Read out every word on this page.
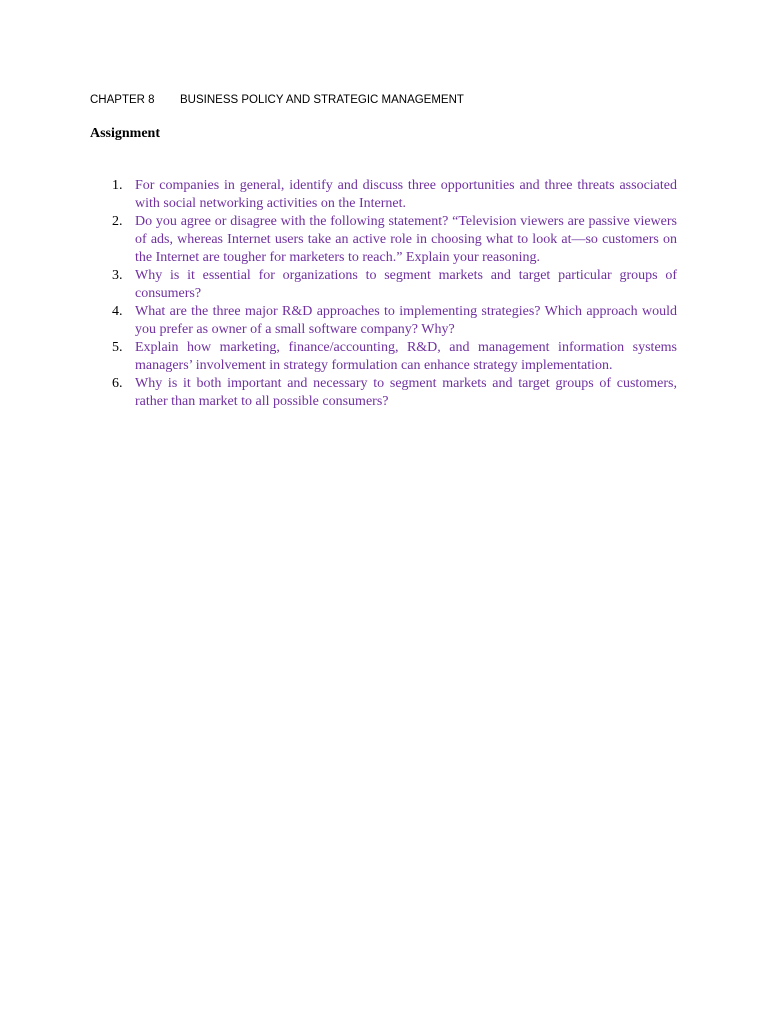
CHAPTER 8 BUSINESS POLICY AND STRATEGIC MANAGEMENT
Assignment
1. For companies in general, identify and discuss three opportunities and three threats associated with social networking activities on the Internet.
2. Do you agree or disagree with the following statement? “Television viewers are passive viewers of ads, whereas Internet users take an active role in choosing what to look at—so customers on the Internet are tougher for marketers to reach.” Explain your reasoning.
3. Why is it essential for organizations to segment markets and target particular groups of consumers?
4. What are the three major R&D approaches to implementing strategies? Which approach would you prefer as owner of a small software company? Why?
5. Explain how marketing, finance/accounting, R&D, and management information systems managers’ involvement in strategy formulation can enhance strategy implementation.
6. Why is it both important and necessary to segment markets and target groups of customers, rather than market to all possible consumers?
